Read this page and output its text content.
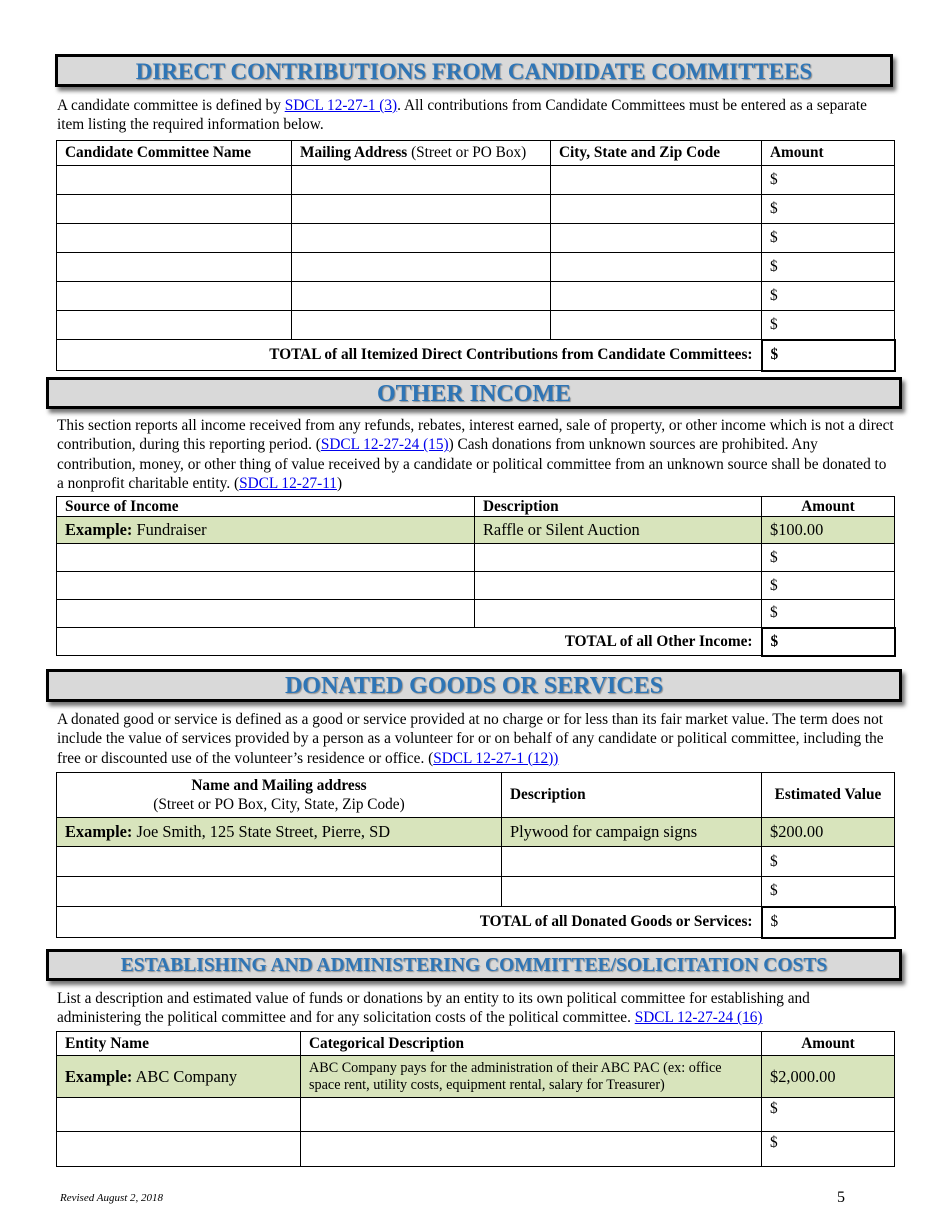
DIRECT CONTRIBUTIONS FROM CANDIDATE COMMITTEES
A candidate committee is defined by SDCL 12-27-1 (3). All contributions from Candidate Committees must be entered as a separate item listing the required information below.
Candidate Committee Name	Mailing Address (Street or PO Box)	City, State and Zip Code	Amount
			$
			$
			$
			$
			$
			$
TOTAL of all Itemized Direct Contributions from Candidate Committees:			$
OTHER INCOME
This section reports all income received from any refunds, rebates, interest earned, sale of property, or other income which is not a direct contribution, during this reporting period. (SDCL 12-27-24 (15)) Cash donations from unknown sources are prohibited. Any contribution, money, or other thing of value received by a candidate or political committee from an unknown source shall be donated to a nonprofit charitable entity. (SDCL 12-27-11)
Source of Income	Description	Amount
Example: Fundraiser	Raffle or Silent Auction	$100.00
		$
		$
		$
TOTAL of all Other Income:		$
DONATED GOODS OR SERVICES
A donated good or service is defined as a good or service provided at no charge or for less than its fair market value. The term does not include the value of services provided by a person as a volunteer for or on behalf of any candidate or political committee, including the free or discounted use of the volunteer’s residence or office. (SDCL 12-27-1 (12))
Name and Mailing address
(Street or PO Box, City, State, Zip Code)	Description	Estimated Value
Example: Joe Smith, 125 State Street, Pierre, SD	Plywood for campaign signs	$200.00
		$
		$
TOTAL of all Donated Goods or Services:		$
ESTABLISHING AND ADMINISTERING COMMITTEE/SOLICITATION COSTS
List a description and estimated value of funds or donations by an entity to its own political committee for establishing and administering the political committee and for any solicitation costs of the political committee. SDCL 12-27-24 (16)
Entity Name	Categorical Description	Amount
Example: ABC Company	ABC Company pays for the administration of their ABC PAC (ex: office space rent, utility costs, equipment rental, salary for Treasurer)	$2,000.00
		$
		$
Revised August 2, 2018	5
